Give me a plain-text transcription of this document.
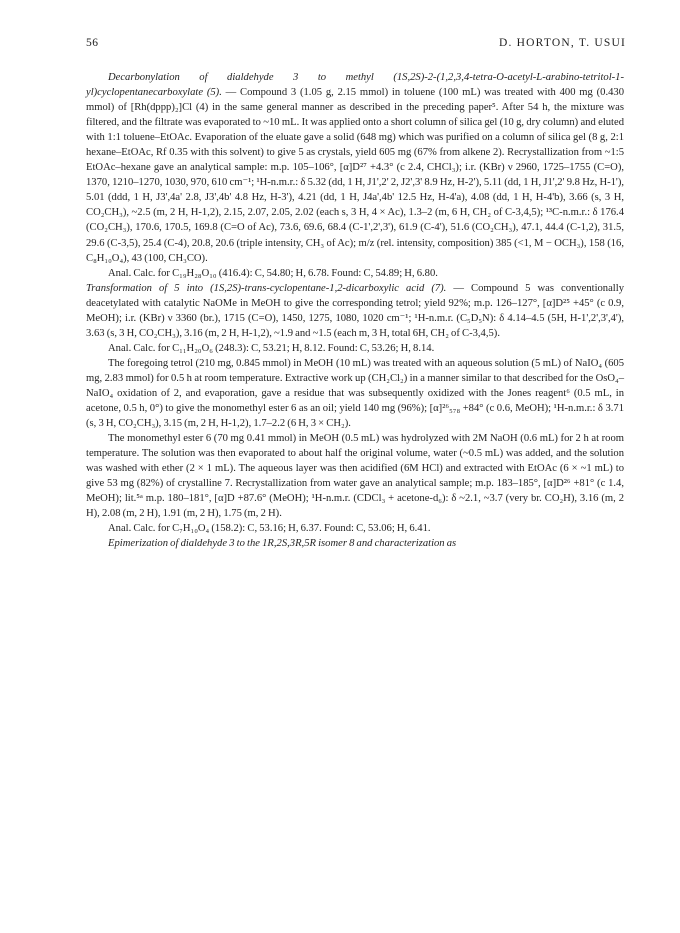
56	D. HORTON, T. USUI

Decarbonylation of dialdehyde 3 to methyl (1S,2S)-2-(1,2,3,4-tetra-O-acetyl-L-arabino-tetritol-1-yl)cyclopentanecarboxylate (5). — Compound 3 (1.05 g, 2.15 mmol) in toluene (100 mL) was treated with 400 mg (0.430 mmol) of [Rh(dppp)₂]Cl (4) in the same general manner as described in the preceding paper⁵. After 54 h, the mixture was filtered, and the filtrate was evaporated to ~10 mL. It was applied onto a short column of silica gel (10 g, dry column) and eluted with 1:1 toluene–EtOAc. Evaporation of the eluate gave a solid (648 mg) which was purified on a column of silica gel (8 g, 2:1 hexane–EtOAc, Rf 0.35 with this solvent) to give 5 as crystals, yield 605 mg (67% from alkene 2). Recrystallization from ~1:5 EtOAc–hexane gave an analytical sample: m.p. 105–106°, [α]D²⁷ +4.3° (c 2.4, CHCl₃); i.r. (KBr) ν 2960, 1725–1755 (C=O), 1370, 1210–1270, 1030, 970, 610 cm⁻¹; ¹H-n.m.r.: δ 5.32 (dd, 1 H, J1',2' 2, J2',3' 8.9 Hz, H-2'), 5.11 (dd, 1 H, J1',2' 9.8 Hz, H-1'), 5.01 (ddd, 1 H, J3',4a' 2.8, J3',4b' 4.8 Hz, H-3'), 4.21 (dd, 1 H, J4a',4b' 12.5 Hz, H-4'a), 4.08 (dd, 1 H, H-4'b), 3.66 (s, 3 H, CO₂CH₃), ~2.5 (m, 2 H, H-1,2), 2.15, 2.07, 2.05, 2.02 (each s, 3 H, 4 × Ac), 1.3–2 (m, 6 H, CH₂ of C-3,4,5); ¹³C-n.m.r.: δ 176.4 (CO₂CH₃), 170.6, 170.5, 169.8 (C=O of Ac), 73.6, 69.6, 68.4 (C-1',2',3'), 61.9 (C-4'), 51.6 (CO₂CH₃), 47.1, 44.4 (C-1,2), 31.5, 29.6 (C-3,5), 25.4 (C-4), 20.8, 20.6 (triple intensity, CH₃ of Ac); m/z (rel. intensity, composition) 385 (<1, M − OCH₃), 158 (16, C₈H₁₀O₄), 43 (100, CH₃CO).

Anal. Calc. for C₁₉H₂₈O₁₀ (416.4): C, 54.80; H, 6.78. Found: C, 54.89; H, 6.80.

Transformation of 5 into (1S,2S)-trans-cyclopentane-1,2-dicarboxylic acid (7). — Compound 5 was conventionally deacetylated with catalytic NaOMe in MeOH to give the corresponding tetrol; yield 92%; m.p. 126–127°, [α]D²⁵ +45° (c 0.9, MeOH); i.r. (KBr) ν 3360 (br.), 1715 (C=O), 1450, 1275, 1080, 1020 cm⁻¹; ¹H-n.m.r. (C₅D₅N): δ 4.14–4.5 (5H, H-1',2',3',4'), 3.63 (s, 3 H, CO₂CH₃), 3.16 (m, 2 H, H-1,2), ~1.9 and ~1.5 (each m, 3 H, total 6H, CH₂ of C-3,4,5).

Anal. Calc. for C₁₁H₂₀O₆ (248.3): C, 53.21; H, 8.12. Found: C, 53.26; H, 8.14.

The foregoing tetrol (210 mg, 0.845 mmol) in MeOH (10 mL) was treated with an aqueous solution (5 mL) of NaIO₄ (605 mg, 2.83 mmol) for 0.5 h at room temperature. Extractive work up (CH₂Cl₂) in a manner similar to that described for the OsO₄–NaIO₄ oxidation of 2, and evaporation, gave a residue that was subsequently oxidized with the Jones reagent⁶ (0.5 mL, in acetone, 0.5 h, 0°) to give the monomethyl ester 6 as an oil; yield 140 mg (96%); [α]²⁶₅₇₈ +84° (c 0.6, MeOH); ¹H-n.m.r.: δ 3.71 (s, 3 H, CO₂CH₃), 3.15 (m, 2 H, H-1,2), 1.7–2.2 (6 H, 3 × CH₂).

The monomethyl ester 6 (70 mg 0.41 mmol) in MeOH (0.5 mL) was hydrolyzed with 2M NaOH (0.6 mL) for 2 h at room temperature. The solution was then evaporated to about half the original volume, water (~0.5 mL) was added, and the solution was washed with ether (2 × 1 mL). The aqueous layer was then acidified (6M HCl) and extracted with EtOAc (6 × ~1 mL) to give 53 mg (82%) of crystalline 7. Recrystallization from water gave an analytical sample; m.p. 183–185°, [α]D²⁶ +81° (c 1.4, MeOH); lit.⁵ᵃ m.p. 180–181°, [α]D +87.6° (MeOH); ¹H-n.m.r. (CDCl₃ + acetone-d₆): δ ~2.1, ~3.7 (very br. CO₂H), 3.16 (m, 2 H), 2.08 (m, 2 H), 1.91 (m, 2 H), 1.75 (m, 2 H).

Anal. Calc. for C₇H₁₀O₄ (158.2): C, 53.16; H, 6.37. Found: C, 53.06; H, 6.41.

Epimerization of dialdehyde 3 to the 1R,2S,3R,5R isomer 8 and characterization as
